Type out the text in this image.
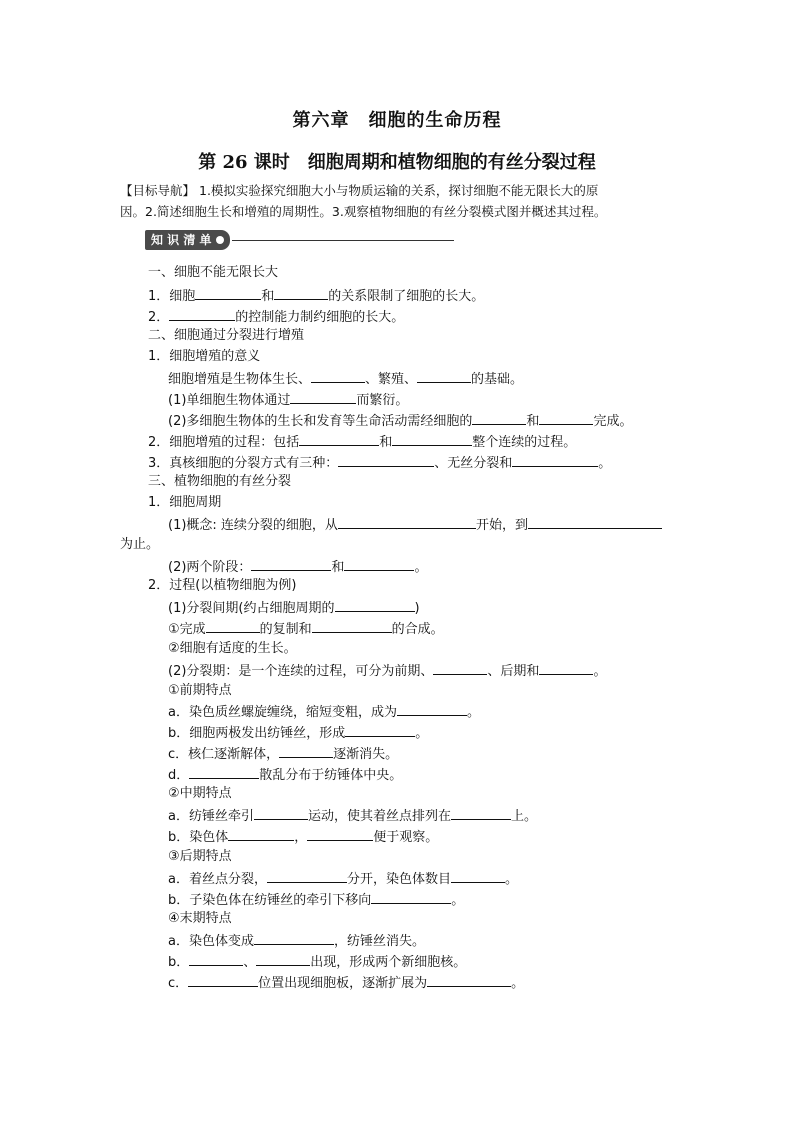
第六章　细胞的生命历程
第 26 课时　细胞周期和植物细胞的有丝分裂过程
【目标导航】 1.模拟实验探究细胞大小与物质运输的关系，探讨细胞不能无限长大的原
因。2.简述细胞生长和增殖的周期性。3.观察植物细胞的有丝分裂模式图并概述其过程。
知 识 清 单
一、细胞不能无限长大
1．细胞	和	的关系限制了细胞的长大。
2．	的控制能力制约细胞的长大。
二、细胞通过分裂进行增殖
1．细胞增殖的意义
细胞增殖是生物体生长、	、繁殖、	的基础。
(1)单细胞生物体通过	而繁衍。
(2)多细胞生物体的生长和发育等生命活动需经细胞的	和	完成。
2．细胞增殖的过程：包括	和	整个连续的过程。
3．真核细胞的分裂方式有三种：	、无丝分裂和	。
三、植物细胞的有丝分裂
1．细胞周期
(1)概念: 连续分裂的细胞，从	开始，到
为止。
(2)两个阶段：	和	。
2．过程(以植物细胞为例)
(1)分裂间期(约占细胞周期的	)
①完成	的复制和	的合成。
②细胞有适度的生长。
(2)分裂期：是一个连续的过程，可分为前期、	、后期和	。
①前期特点
a．染色质丝螺旋缠绕，缩短变粗，成为	。
b．细胞两极发出纺锤丝，形成	。
c．核仁逐渐解体，	逐渐消失。
d．	散乱分布于纺锤体中央。
②中期特点
a．纺锤丝牵引	运动，使其着丝点排列在	上。
b．染色体	，	便于观察。
③后期特点
a．着丝点分裂，	分开，染色体数目	。
b．子染色体在纺锤丝的牵引下移向	。
④末期特点
a．染色体变成	，纺锤丝消失。
b．	、	出现，形成两个新细胞核。
c．	位置出现细胞板，逐渐扩展为	。
